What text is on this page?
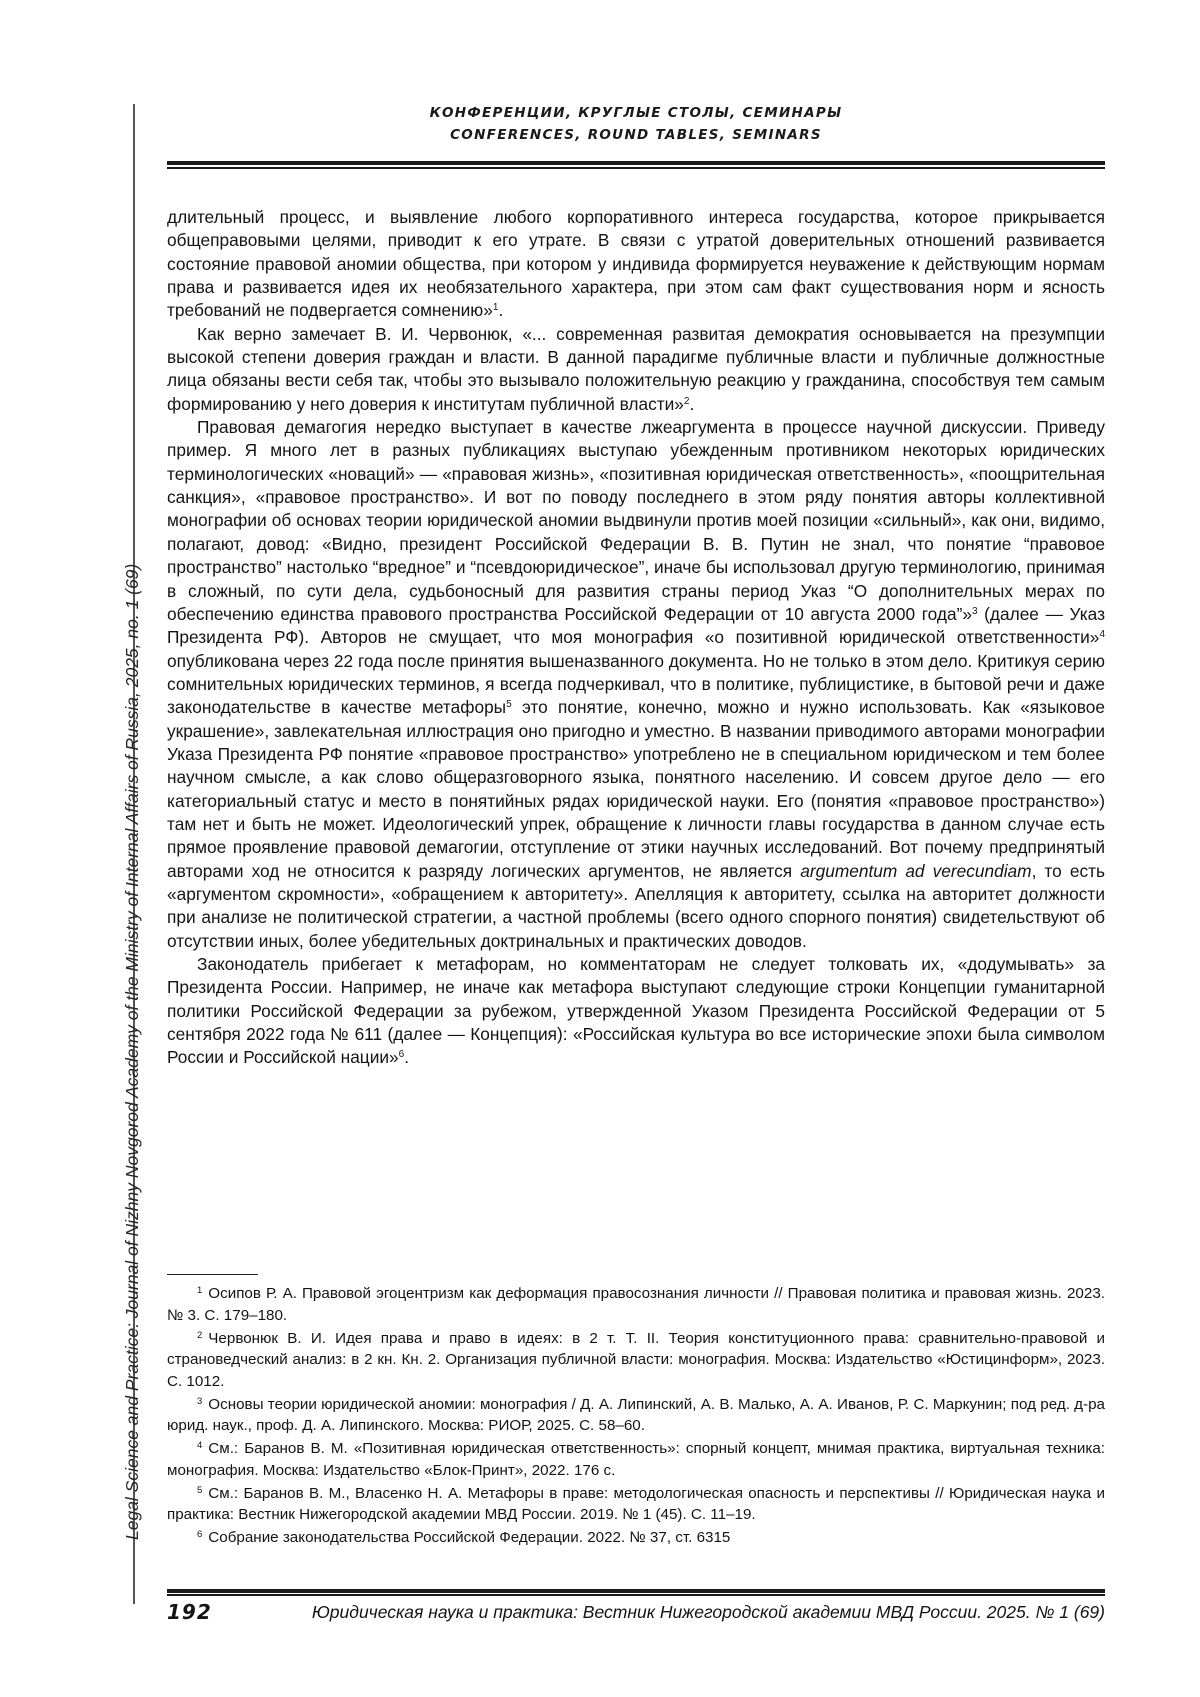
Legal Science and Practice: Journal of Nizhny Novgorod Academy of the Ministry of Internal Affairs of Russia, 2025, no. 1 (69)
КОНФЕРЕНЦИИ, КРУГЛЫЕ СТОЛЫ, СЕМИНАРЫ
CONFERENCES, ROUND TABLES, SEMINARS

длительный процесс, и выявление любого корпоративного интереса государства, которое прикрывается общеправовыми целями, приводит к его утрате. В связи с утратой доверительных отношений развивается состояние правовой аномии общества, при котором у индивида формируется неуважение к действующим нормам права и развивается идея их необязательного характера, при этом сам факт существования норм и ясность требований не подвергается сомнению»$^1$.

Как верно замечает В. И. Червонюк, «... современная развитая демократия основывается на презумпции высокой степени доверия граждан и власти. В данной парадигме публичные власти и публичные должностные лица обязаны вести себя так, чтобы это вызывало положительную реакцию у гражданина, способствуя тем самым формированию у него доверия к институтам публичной власти»$^2$.

Правовая демагогия нередко выступает в качестве лжеаргумента в процессе научной дискуссии. Приведу пример. Я много лет в разных публикациях выступаю убежденным противником некоторых юридических терминологических «новаций» — «правовая жизнь», «позитивная юридическая ответственность», «поощрительная санкция», «правовое пространство». И вот по поводу последнего в этом ряду понятия авторы коллективной монографии об основах теории юридической аномии выдвинули против моей позиции «сильный», как они, видимо, полагают, довод: «Видно, президент Российской Федерации В. В. Путин не знал, что понятие “правовое пространство” настолько “вредное” и “псевдоюридическое”, иначе бы использовал другую терминологию, принимая в сложный, по сути дела, судьбоносный для развития страны период Указ “О дополнительных мерах по обеспечению единства правового пространства Российской Федерации от 10 августа 2000 года”»$^3$ (далее — Указ Президента РФ). Авторов не смущает, что моя монография «о позитивной юридической ответственности»$^4$ опубликована через 22 года после принятия вышеназванного документа. Но не только в этом дело. Критикуя серию сомнительных юридических терминов, я всегда подчеркивал, что в политике, публицистике, в бытовой речи и даже законодательстве в качестве метафоры$^5$ это понятие, конечно, можно и нужно использовать. Как «языковое украшение», завлекательная иллюстрация оно пригодно и уместно. В названии приводимого авторами монографии Указа Президента РФ понятие «правовое пространство» употреблено не в специальном юридическом и тем более научном смысле, а как слово общеразговорного языка, понятного населению. И совсем другое дело — его категориальный статус и место в понятийных рядах юридической науки. Его (понятия «правовое пространство») там нет и быть не может. Идеологический упрек, обращение к личности главы государства в данном случае есть прямое проявление правовой демагогии, отступление от этики научных исследований. Вот почему предпринятый авторами ход не относится к разряду логических аргументов, не является argumentum ad verecundiam, то есть «аргументом скромности», «обращением к авторитету». Апелляция к авторитету, ссылка на авторитет должности при анализе не политической стратегии, а частной проблемы (всего одного спорного понятия) свидетельствуют об отсутствии иных, более убедительных доктринальных и практических доводов.

Законодатель прибегает к метафорам, но комментаторам не следует толковать их, «додумывать» за Президента России. Например, не иначе как метафора выступают следующие строки Концепции гуманитарной политики Российской Федерации за рубежом, утвержденной Указом Президента Российской Федерации от 5 сентября 2022 года № 611 (далее — Концепция): «Российская культура во все исторические эпохи была символом России и Российской нации»$^6$.

$^1$ Осипов Р. А. Правовой эгоцентризм как деформация правосознания личности // Правовая политика и правовая жизнь. 2023. № 3. С. 179–180.
$^2$ Червонюк В. И. Идея права и право в идеях: в 2 т. Т. II. Теория конституционного права: сравнительно-правовой и страноведческий анализ: в 2 кн. Кн. 2. Организация публичной власти: монография. Москва: Издательство «Юстицинформ», 2023. С. 1012.
$^3$ Основы теории юридической аномии: монография / Д. А. Липинский, А. В. Малько, А. А. Иванов, Р. С. Маркунин; под ред. д-ра юрид. наук., проф. Д. А. Липинского. Москва: РИОР, 2025. С. 58–60.
$^4$ См.: Баранов В. М. «Позитивная юридическая ответственность»: спорный концепт, мнимая практика, виртуальная техника: монография. Москва: Издательство «Блок-Принт», 2022. 176 с.
$^5$ См.: Баранов В. М., Власенко Н. А. Метафоры в праве: методологическая опасность и перспективы // Юридическая наука и практика: Вестник Нижегородской академии МВД России. 2019. № 1 (45). С. 11–19.
$^6$ Собрание законодательства Российской Федерации. 2022. № 37, ст. 6315
192	Юридическая наука и практика: Вестник Нижегородской академии МВД России. 2025. № 1 (69)
